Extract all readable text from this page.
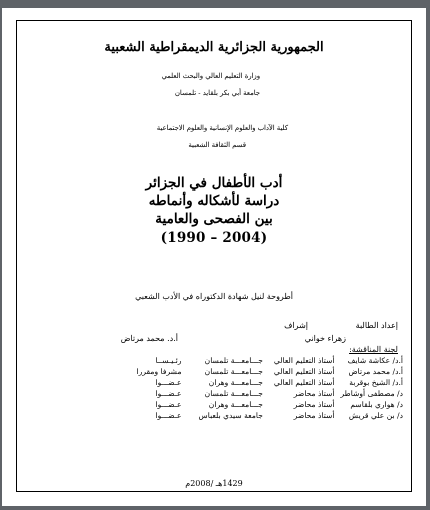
الجمهورية الجزائرية الديمقراطية الشعبية
وزارة التعليم العالي والبحث العلمي
جامعة أبي بكر بلقايد - تلمسان
كلية الآداب والعلوم الإنسانية والعلوم الاجتماعية
قسم الثقافة الشعبية
أدب الأطفال في الجزائر
دراسة لأشكاله وأنماطه
بين الفصحى والعامية
(1990 – 2004)
أطروحة لنيل شهادة الدكتوراه في الأدب الشعبي
إعداد الطالبة
إشراف
زهراء خواني
أ.د. محمد مرتاض
لجنة المناقشة:
أ.د/ عكاشة شايف	أستاذ التعليم العالي	جـــامعـــة تلمسان	رئـيـســا
أ.د/ محمد مرتاض	أستاذ التعليم العالي	جـــامعـــة تلمسان	مشرفا ومقررا
أ.د/ الشيخ بوقربة	أستاذ التعليم العالي	جـــامعـــة وهران	عـضـــوا
د/ مصطفى أوشاطر	أستاذ محاضر	جـــامعـــة تلمسان	عـضـــوا
د/ هواري بلقاسم	أستاذ محاضر	جـــامعـــة وهران	عـضـــوا
د/ بن علي قريش	أستاذ محاضر	جامعة سيدي بلعباس	عـضـــوا
1429هـ /2008م
